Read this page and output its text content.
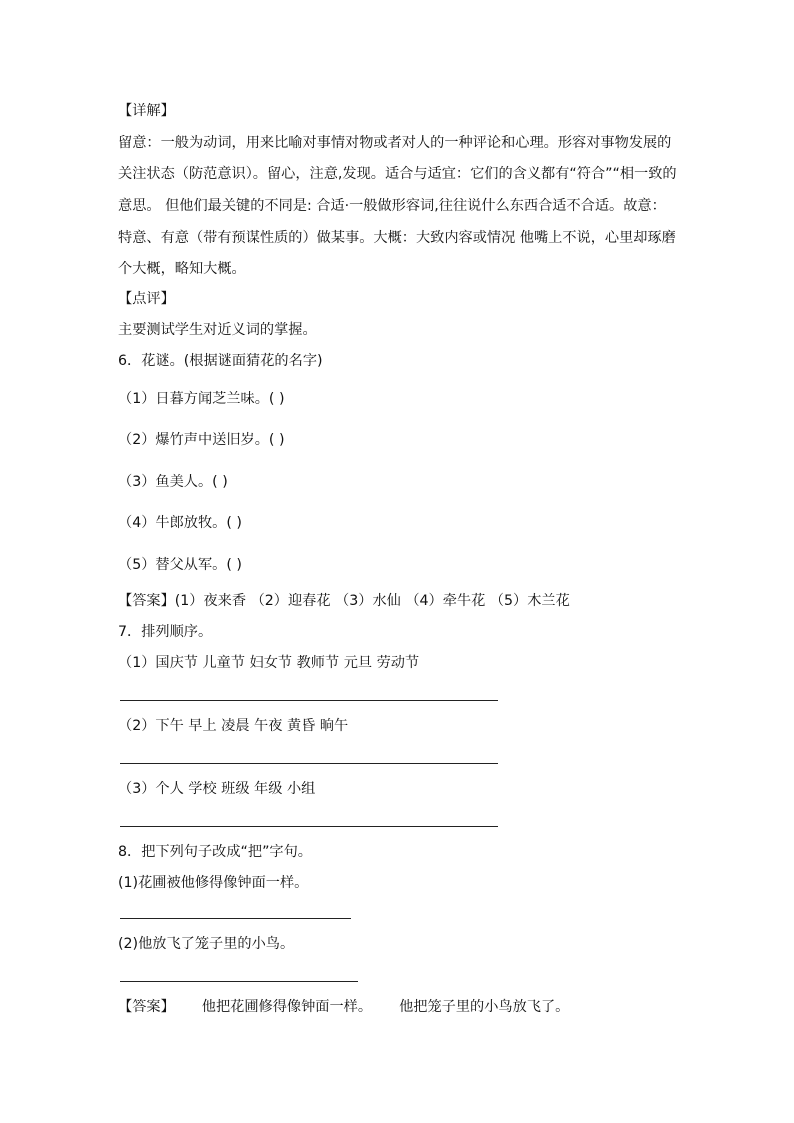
【详解】

留意：一般为动词，用来比喻对事情对物或者对人的一种评论和心理。形容对事物发展的

关注状态（防范意识）。留心，注意,发现。适合与适宜：它们的含义都有“符合”“相一致的

意思。 但他们最关键的不同是: 合适·一般做形容词,往往说什么东西合适不合适。故意：

特意、有意（带有预谋性质的）做某事。大概：大致内容或情况 他嘴上不说，心里却琢磨

个大概，略知大概。

【点评】

主要测试学生对近义词的掌握。

6．花谜。(根据谜面猜花的名字)

（1）日暮方闻芝兰味。( )

（2）爆竹声中送旧岁。( )

（3）鱼美人。( )

（4）牛郎放牧。( )

（5）替父从军。( )

【答案】(1）夜来香 （2）迎春花 （3）水仙 （4）牵牛花 （5）木兰花

7．排列顺序。

（1）国庆节 儿童节 妇女节 教师节 元旦 劳动节

（2）下午 早上 凌晨 午夜 黄昏 晌午

（3）个人 学校 班级 年级 小组

8．把下列句子改成“把”字句。

(1)花圃被他修得像钟面一样。

(2)他放飞了笼子里的小鸟。

【答案】      他把花圃修得像钟面一样。      他把笼子里的小鸟放飞了。
